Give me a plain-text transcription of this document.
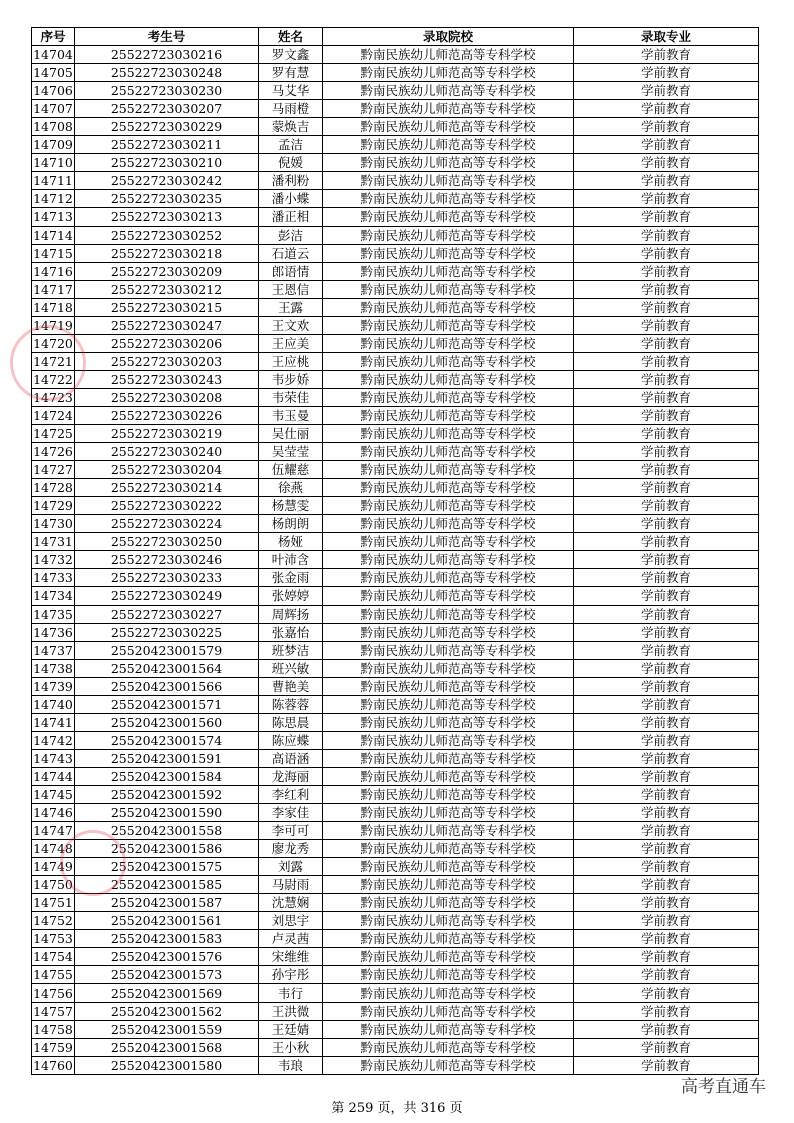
序号	考生号	姓名	录取院校	录取专业
14704	25522723030216	罗文鑫	黔南民族幼儿师范高等专科学校	学前教育
14705	25522723030248	罗有慧	黔南民族幼儿师范高等专科学校	学前教育
14706	25522723030230	马艾华	黔南民族幼儿师范高等专科学校	学前教育
14707	25522723030207	马雨橙	黔南民族幼儿师范高等专科学校	学前教育
14708	25522723030229	蒙焕吉	黔南民族幼儿师范高等专科学校	学前教育
14709	25522723030211	孟洁	黔南民族幼儿师范高等专科学校	学前教育
14710	25522723030210	倪媛	黔南民族幼儿师范高等专科学校	学前教育
14711	25522723030242	潘利粉	黔南民族幼儿师范高等专科学校	学前教育
14712	25522723030235	潘小蝶	黔南民族幼儿师范高等专科学校	学前教育
14713	25522723030213	潘正相	黔南民族幼儿师范高等专科学校	学前教育
14714	25522723030252	彭洁	黔南民族幼儿师范高等专科学校	学前教育
14715	25522723030218	石道云	黔南民族幼儿师范高等专科学校	学前教育
14716	25522723030209	郎语情	黔南民族幼儿师范高等专科学校	学前教育
14717	25522723030212	王恩信	黔南民族幼儿师范高等专科学校	学前教育
14718	25522723030215	王露	黔南民族幼儿师范高等专科学校	学前教育
14719	25522723030247	王文欢	黔南民族幼儿师范高等专科学校	学前教育
14720	25522723030206	王应美	黔南民族幼儿师范高等专科学校	学前教育
14721	25522723030203	王应桃	黔南民族幼儿师范高等专科学校	学前教育
14722	25522723030243	韦步娇	黔南民族幼儿师范高等专科学校	学前教育
14723	25522723030208	韦荣佳	黔南民族幼儿师范高等专科学校	学前教育
14724	25522723030226	韦玉曼	黔南民族幼儿师范高等专科学校	学前教育
14725	25522723030219	吴仕丽	黔南民族幼儿师范高等专科学校	学前教育
14726	25522723030240	吴莹莹	黔南民族幼儿师范高等专科学校	学前教育
14727	25522723030204	伍耀慈	黔南民族幼儿师范高等专科学校	学前教育
14728	25522723030214	徐燕	黔南民族幼儿师范高等专科学校	学前教育
14729	25522723030222	杨慧雯	黔南民族幼儿师范高等专科学校	学前教育
14730	25522723030224	杨朗朗	黔南民族幼儿师范高等专科学校	学前教育
14731	25522723030250	杨娅	黔南民族幼儿师范高等专科学校	学前教育
14732	25522723030246	叶沛含	黔南民族幼儿师范高等专科学校	学前教育
14733	25522723030233	张金雨	黔南民族幼儿师范高等专科学校	学前教育
14734	25522723030249	张婷婷	黔南民族幼儿师范高等专科学校	学前教育
14735	25522723030227	周辉扬	黔南民族幼儿师范高等专科学校	学前教育
14736	25522723030225	张嘉怡	黔南民族幼儿师范高等专科学校	学前教育
14737	25520423001579	班梦洁	黔南民族幼儿师范高等专科学校	学前教育
14738	25520423001564	班兴敏	黔南民族幼儿师范高等专科学校	学前教育
14739	25520423001566	曹艳美	黔南民族幼儿师范高等专科学校	学前教育
14740	25520423001571	陈蓉蓉	黔南民族幼儿师范高等专科学校	学前教育
14741	25520423001560	陈思晨	黔南民族幼儿师范高等专科学校	学前教育
14742	25520423001574	陈应蝶	黔南民族幼儿师范高等专科学校	学前教育
14743	25520423001591	高语涵	黔南民族幼儿师范高等专科学校	学前教育
14744	25520423001584	龙海丽	黔南民族幼儿师范高等专科学校	学前教育
14745	25520423001592	李红利	黔南民族幼儿师范高等专科学校	学前教育
14746	25520423001590	李家佳	黔南民族幼儿师范高等专科学校	学前教育
14747	25520423001558	李可可	黔南民族幼儿师范高等专科学校	学前教育
14748	25520423001586	廖龙秀	黔南民族幼儿师范高等专科学校	学前教育
14749	25520423001575	刘露	黔南民族幼儿师范高等专科学校	学前教育
14750	25520423001585	马尉雨	黔南民族幼儿师范高等专科学校	学前教育
14751	25520423001587	沈慧娴	黔南民族幼儿师范高等专科学校	学前教育
14752	25520423001561	刘思宇	黔南民族幼儿师范高等专科学校	学前教育
14753	25520423001583	卢灵茜	黔南民族幼儿师范高等专科学校	学前教育
14754	25520423001576	宋维维	黔南民族幼儿师范高等专科学校	学前教育
14755	25520423001573	孙宇彤	黔南民族幼儿师范高等专科学校	学前教育
14756	25520423001569	韦行	黔南民族幼儿师范高等专科学校	学前教育
14757	25520423001562	王洪微	黔南民族幼儿师范高等专科学校	学前教育
14758	25520423001559	王廷婧	黔南民族幼儿师范高等专科学校	学前教育
14759	25520423001568	王小秋	黔南民族幼儿师范高等专科学校	学前教育
14760	25520423001580	韦琅	黔南民族幼儿师范高等专科学校	学前教育
第 259 页，共 316 页
高考直通车
